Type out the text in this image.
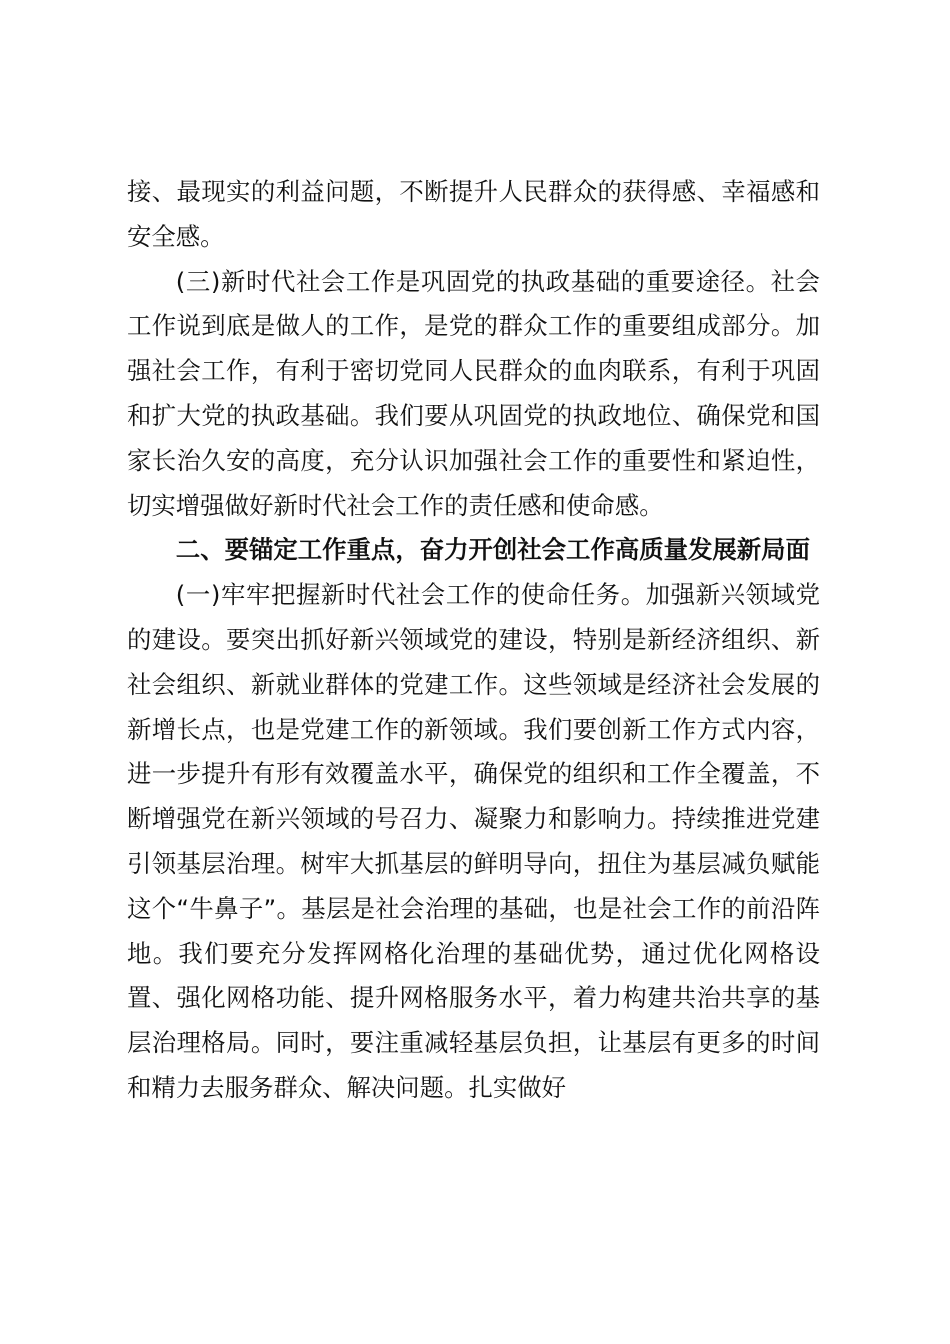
接、最现实的利益问题，不断提升人民群众的获得感、幸福感和安全感。

(三)新时代社会工作是巩固党的执政基础的重要途径。社会工作说到底是做人的工作，是党的群众工作的重要组成部分。加强社会工作，有利于密切党同人民群众的血肉联系，有利于巩固和扩大党的执政基础。我们要从巩固党的执政地位、确保党和国家长治久安的高度，充分认识加强社会工作的重要性和紧迫性，切实增强做好新时代社会工作的责任感和使命感。

二、要锚定工作重点，奋力开创社会工作高质量发展新局面

(一)牢牢把握新时代社会工作的使命任务。加强新兴领域党的建设。要突出抓好新兴领域党的建设，特别是新经济组织、新社会组织、新就业群体的党建工作。这些领域是经济社会发展的新增长点，也是党建工作的新领域。我们要创新工作方式内容，进一步提升有形有效覆盖水平，确保党的组织和工作全覆盖，不断增强党在新兴领域的号召力、凝聚力和影响力。持续推进党建引领基层治理。树牢大抓基层的鲜明导向，扭住为基层减负赋能这个“牛鼻子”。基层是社会治理的基础，也是社会工作的前沿阵地。我们要充分发挥网格化治理的基础优势，通过优化网格设置、强化网格功能、提升网格服务水平，着力构建共治共享的基层治理格局。同时，要注重减轻基层负担，让基层有更多的时间和精力去服务群众、解决问题。扎实做好
